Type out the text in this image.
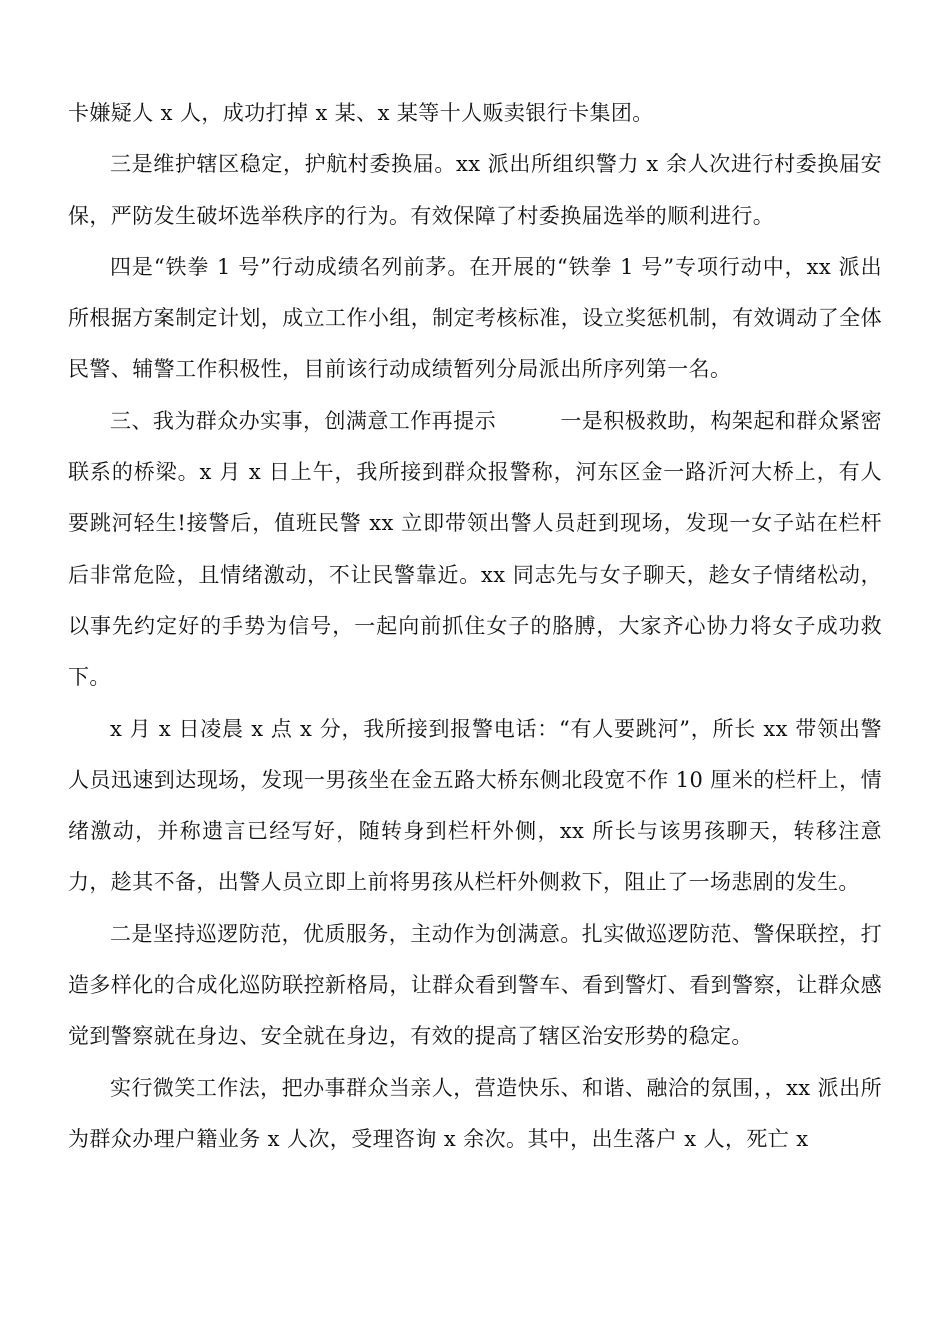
卡嫌疑人 x 人，成功打掉 x 某、x 某等十人贩卖银行卡集团。

三是维护辖区稳定，护航村委换届。xx 派出所组织警力 x 余人次进行村委换届安保，严防发生破坏选举秩序的行为。有效保障了村委换届选举的顺利进行。

四是“铁拳 1 号”行动成绩名列前茅。在开展的“铁拳 1 号”专项行动中，xx 派出所根据方案制定计划，成立工作小组，制定考核标准，设立奖惩机制，有效调动了全体民警、辅警工作积极性，目前该行动成绩暂列分局派出所序列第一名。

三、我为群众办实事，创满意工作再提示　　　一是积极救助，构架起和群众紧密联系的桥梁。x 月 x 日上午，我所接到群众报警称，河东区金一路沂河大桥上，有人要跳河轻生!接警后，值班民警 xx 立即带领出警人员赶到现场，发现一女子站在栏杆后非常危险，且情绪激动，不让民警靠近。xx 同志先与女子聊天，趁女子情绪松动，以事先约定好的手势为信号，一起向前抓住女子的胳膊，大家齐心协力将女子成功救下。

x 月 x 日凌晨 x 点 x 分，我所接到报警电话：“有人要跳河”，所长 xx 带领出警人员迅速到达现场，发现一男孩坐在金五路大桥东侧北段宽不作 10 厘米的栏杆上，情绪激动，并称遗言已经写好，随转身到栏杆外侧，xx 所长与该男孩聊天，转移注意力，趁其不备，出警人员立即上前将男孩从栏杆外侧救下，阻止了一场悲剧的发生。

二是坚持巡逻防范，优质服务，主动作为创满意。扎实做巡逻防范、警保联控，打造多样化的合成化巡防联控新格局，让群众看到警车、看到警灯、看到警察，让群众感觉到警察就在身边、安全就在身边，有效的提高了辖区治安形势的稳定。

实行微笑工作法，把办事群众当亲人，营造快乐、和谐、融洽的氛围，，xx 派出所为群众办理户籍业务 x 人次，受理咨询 x 余次。其中，出生落户 x 人，死亡 x
